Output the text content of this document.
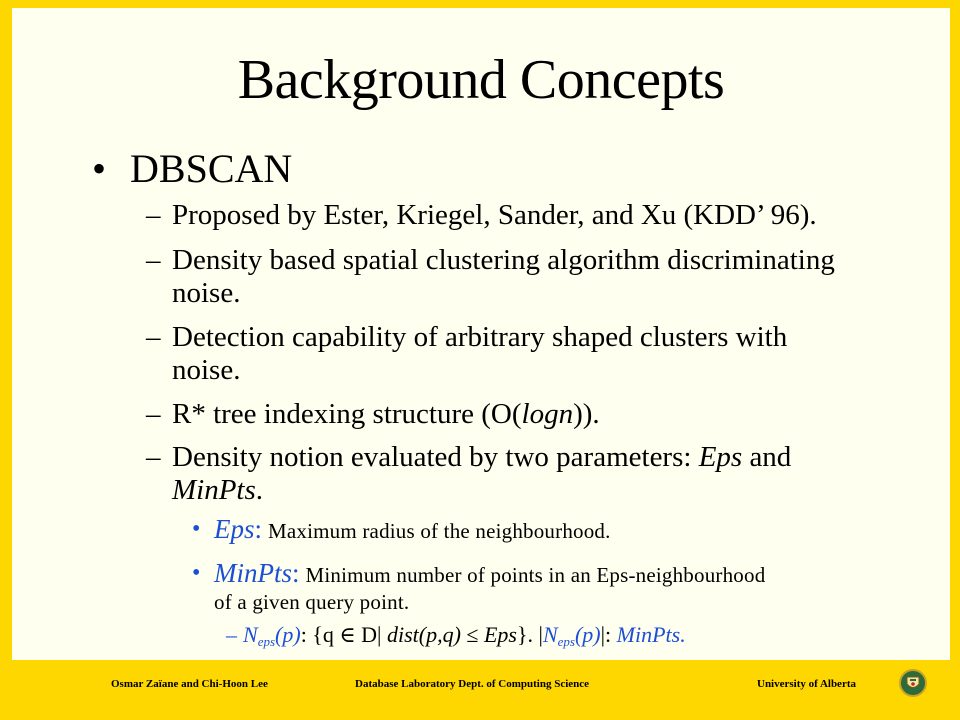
Background Concepts
• DBSCAN
– Proposed by Ester, Kriegel, Sander, and Xu (KDD’ 96).
– Density based spatial clustering algorithm discriminating
noise.
– Detection capability of arbitrary shaped clusters with
noise.
– R* tree indexing structure (O(logn)).
– Density notion evaluated by two parameters: Eps and
MinPts.
• Eps: Maximum radius of the neighbourhood.
• MinPts: Minimum number of points in an Eps-neighbourhood
of a given query point.
– $N_{eps}(p)$: {q ∈ D| dist(p,q) ≤ Eps}. $|N_{eps}(p)|$: MinPts.
Osmar Zaïane and Chi-Hoon Lee	Database Laboratory Dept. of Computing Science	University of Alberta
